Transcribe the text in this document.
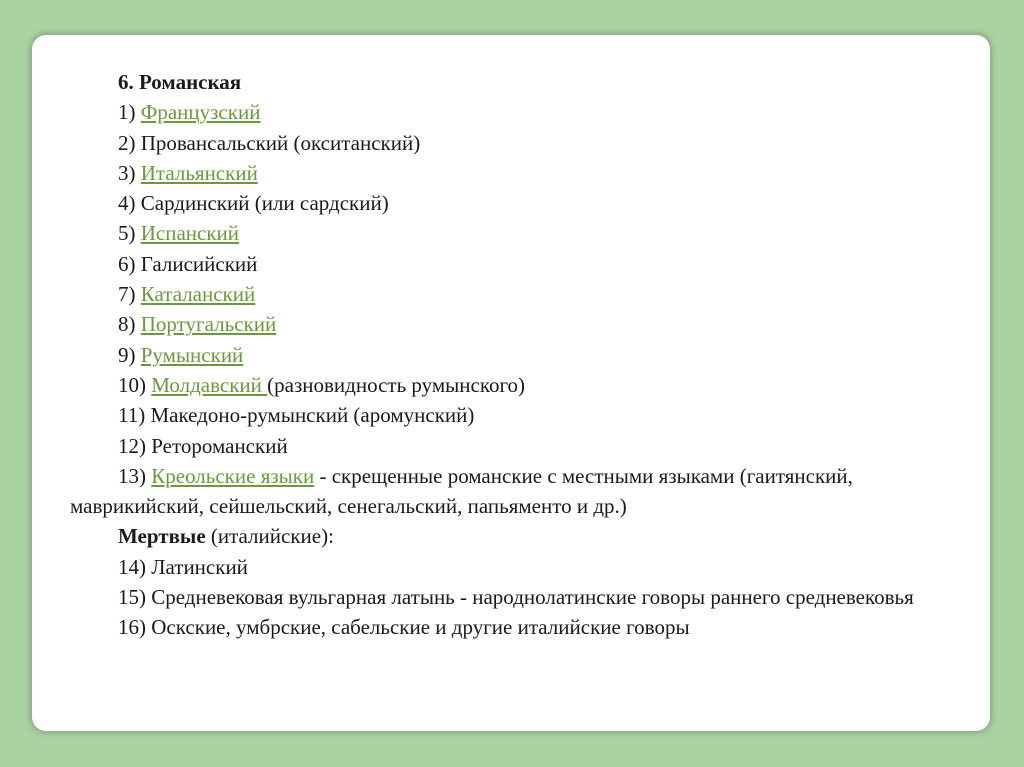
6. Романская
1) Французский
2) Провансальский (окситанский)
3) Итальянский
4) Сардинский (или сардский)
5) Испанский
6) Галисийский
7) Каталанский
8) Португальский
9) Румынский
10) Молдавский (разновидность румынского)
11) Македоно-румынский (аромунский)
12) Ретороманский
13) Креольские языки - скрещенные романские с местными языками (гаитянский, маврикийский, сейшельский, сенегальский, папьяменто и др.)
Мертвые (италийские):
14) Латинский
15) Средневековая вульгарная латынь - народнолатинские говоры раннего средневековья
16) Оскские, умбрские, сабельские и другие италийские говоры
